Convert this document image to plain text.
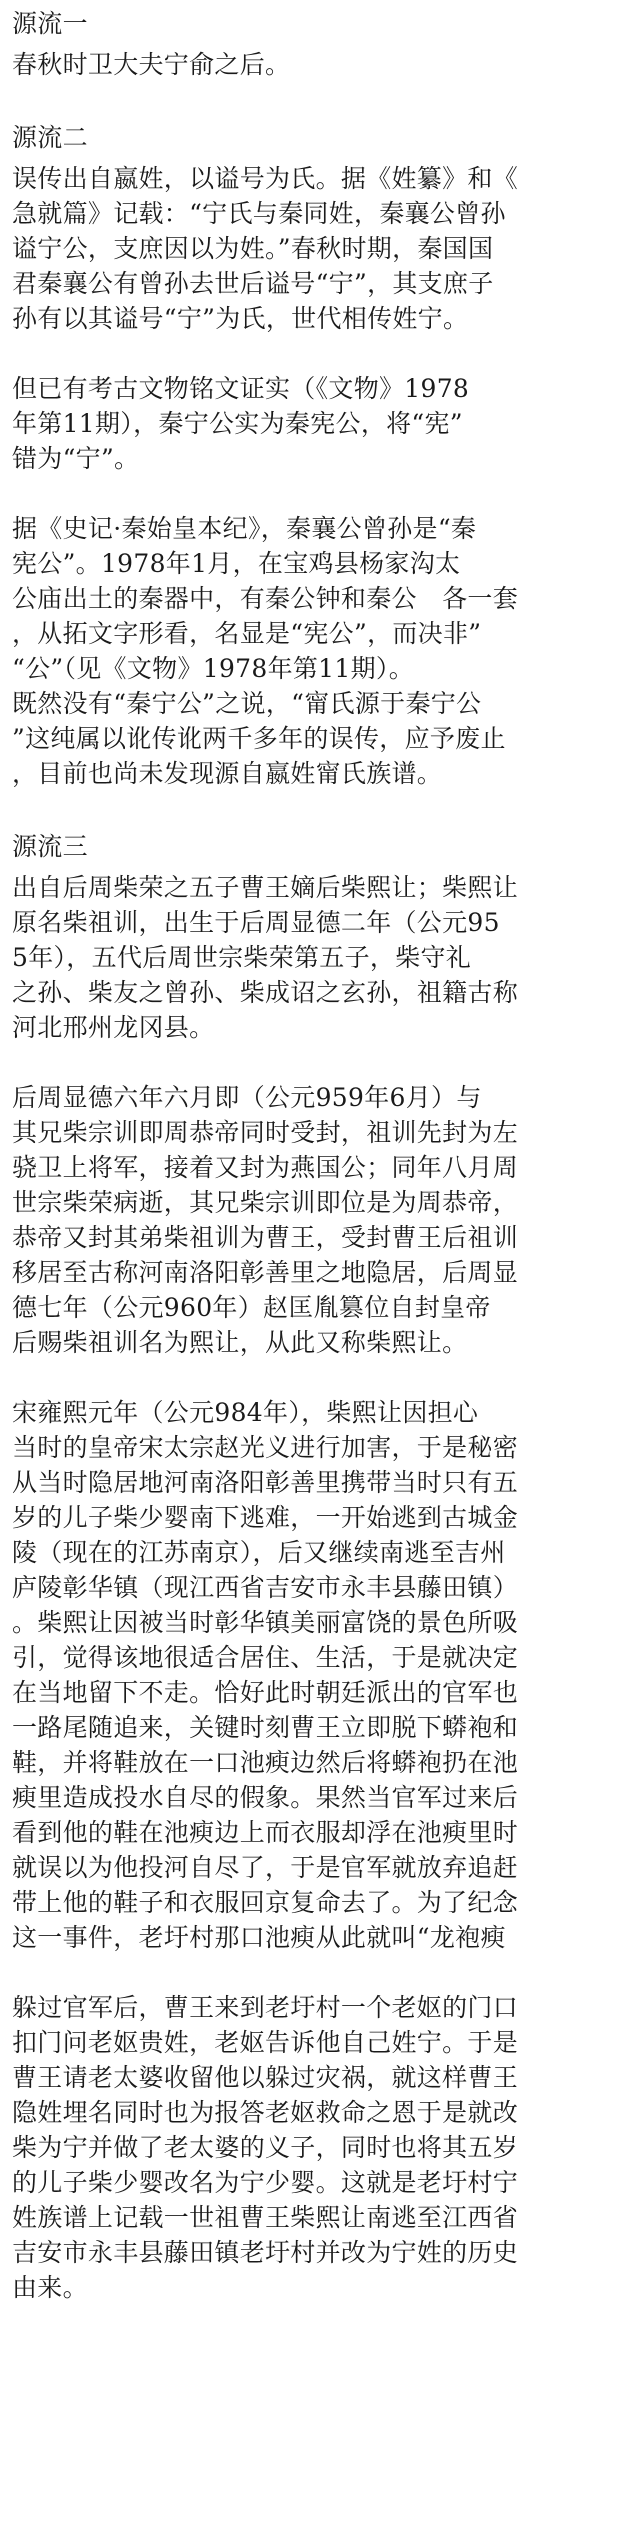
源流一

春秋时卫大夫宁俞之后。

源流二

误传出自嬴姓，以谥号为氏。据《姓纂》和《
急就篇》记载：“宁氏与秦同姓，秦襄公曾孙
谥宁公，支庶因以为姓。”春秋时期，秦国国
君秦襄公有曾孙去世后谥号“宁”，其支庶子
孙有以其谥号“宁”为氏，世代相传姓宁。

但已有考古文物铭文证实（《文物》1978
年第11期），秦宁公实为秦宪公，将“宪”
错为“宁”。

据《史记·秦始皇本纪》，秦襄公曾孙是“秦
宪公”。1978年1月，在宝鸡县杨家沟太
公庙出土的秦器中，有秦公钟和秦公　各一套
，从拓文字形看，名显是“宪公”，而决非”
“公”（见《文物》1978年第11期）。
既然没有“秦宁公”之说，“甯氏源于秦宁公
”这纯属以讹传讹两千多年的误传，应予废止
，目前也尚未发现源自嬴姓甯氏族谱。

源流三

出自后周柴荣之五子曹王嫡后柴熙让；柴熙让
原名柴祖训，出生于后周显德二年（公元95
5年），五代后周世宗柴荣第五子，柴守礼
之孙、柴友之曾孙、柴成诏之玄孙，祖籍古称
河北邢州龙冈县。

后周显德六年六月即（公元959年6月）与
其兄柴宗训即周恭帝同时受封，祖训先封为左
骁卫上将军，接着又封为燕国公；同年八月周
世宗柴荣病逝，其兄柴宗训即位是为周恭帝，
恭帝又封其弟柴祖训为曹王，受封曹王后祖训
移居至古称河南洛阳彰善里之地隐居，后周显
德七年（公元960年）赵匡胤篡位自封皇帝
后赐柴祖训名为熙让，从此又称柴熙让。

宋雍熙元年（公元984年），柴熙让因担心
当时的皇帝宋太宗赵光义进行加害，于是秘密
从当时隐居地河南洛阳彰善里携带当时只有五
岁的儿子柴少婴南下逃难，一开始逃到古城金
陵（现在的江苏南京），后又继续南逃至吉州
庐陵彰华镇（现江西省吉安市永丰县藤田镇）
。柴熙让因被当时彰华镇美丽富饶的景色所吸
引，觉得该地很适合居住、生活，于是就决定
在当地留下不走。恰好此时朝廷派出的官军也
一路尾随追来，关键时刻曹王立即脱下蟒袍和
鞋，并将鞋放在一口池瘐边然后将蟒袍扔在池
瘐里造成投水自尽的假象。果然当官军过来后
看到他的鞋在池瘐边上而衣服却浮在池瘐里时
就误以为他投河自尽了，于是官军就放弃追赶
带上他的鞋子和衣服回京复命去了。为了纪念
这一事件，老圩村那口池瘐从此就叫“龙袍瘐

躲过官军后，曹王来到老圩村一个老妪的门口
扣门问老妪贵姓，老妪告诉他自己姓宁。于是
曹王请老太婆收留他以躲过灾祸，就这样曹王
隐姓埋名同时也为报答老妪救命之恩于是就改
柴为宁并做了老太婆的义子，同时也将其五岁
的儿子柴少婴改名为宁少婴。这就是老圩村宁
姓族谱上记载一世祖曹王柴熙让南逃至江西省
吉安市永丰县藤田镇老圩村并改为宁姓的历史
由来。
